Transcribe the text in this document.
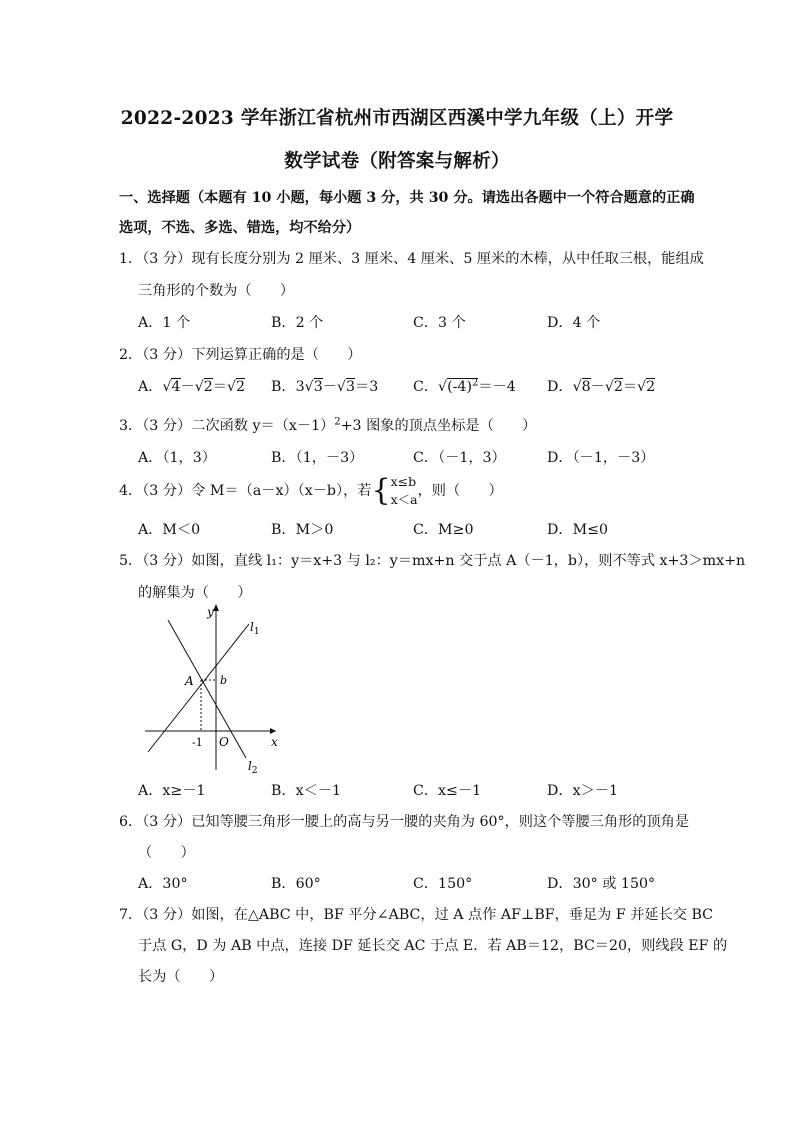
2022-2023 学年浙江省杭州市西湖区西溪中学九年级（上）开学
数学试卷（附答案与解析）
一、选择题（本题有 10 小题，每小题 3 分，共 30 分。请选出各题中一个符合题意的正确
选项，不选、多选、错选，均不给分）
1．（3 分）现有长度分别为 2 厘米、3 厘米、4 厘米、5 厘米的木棒，从中任取三根，能组成
三角形的个数为（　　）
A．1 个	B．2 个	C．3 个	D．4 个
2．（3 分）下列运算正确的是（　　）
A．√4－√2＝√2 B．3√3－√3＝3 C．$√(-4)^2=-4$ D．√8－√2＝√2
3．（3 分）二次函数 $y=(x-1)^2+3$ 图象的顶点坐标是（　　）
A．（1，3）	B．（1，－3）	C．（－1，3）	D．（－1，－3）
4．（3 分）令 M＝（a－x）（x－b），若{x≤b
x＜a，则（　　）
A．M＜0	B．M＞0	C．M≥0	D．M≤0
5．（3 分）如图，直线 l₁：y＝x+3 与 l₂：y＝mx+n 交于点 A（－1，b），则不等式 x+3＞mx+n
的解集为（　　）
y
x
$l_1$
$l_2$
A b
-1 O
A．x≥－1	B．x＜－1	C．x≤－1	D．x＞－1
6．（3 分）已知等腰三角形一腰上的高与另一腰的夹角为 60°，则这个等腰三角形的顶角是
（　　）
A．30°	B．60°	C．150°	D．30° 或 150°
7．（3 分）如图，在△ABC 中，BF 平分∠ABC，过 A 点作 AF⊥BF，垂足为 F 并延长交 BC
于点 G，D 为 AB 中点，连接 DF 延长交 AC 于点 E．若 AB＝12，BC＝20，则线段 EF 的
长为（　　）
